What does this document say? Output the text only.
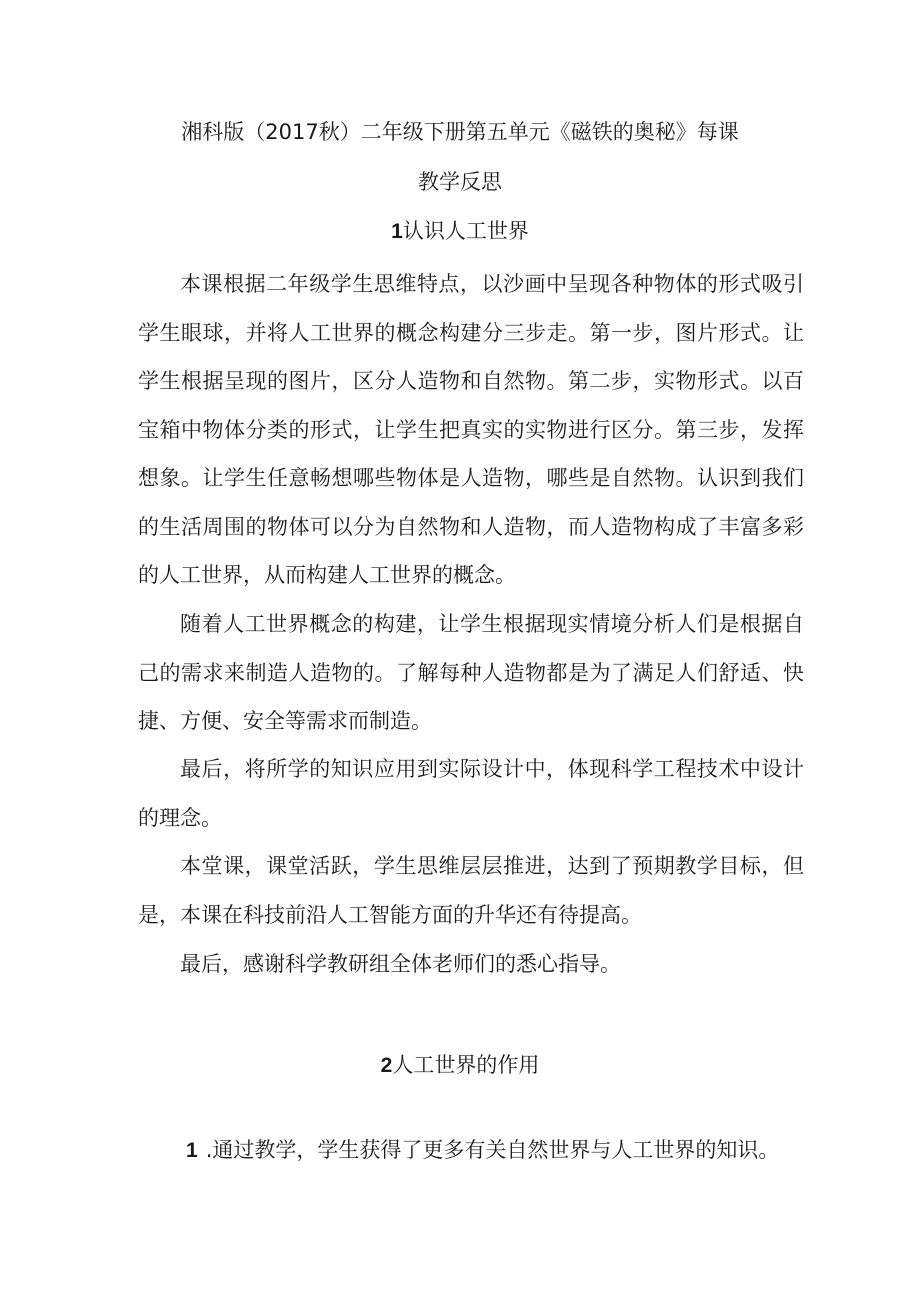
湘科版（2017秋）二年级下册第五单元《磁铁的奥秘》每课
教学反思
1认识人工世界

本课根据二年级学生思维特点，以沙画中呈现各种物体的形式吸引学生眼球，并将人工世界的概念构建分三步走。第一步，图片形式。让学生根据呈现的图片，区分人造物和自然物。第二步，实物形式。以百宝箱中物体分类的形式，让学生把真实的实物进行区分。第三步，发挥想象。让学生任意畅想哪些物体是人造物，哪些是自然物。认识到我们的生活周围的物体可以分为自然物和人造物，而人造物构成了丰富多彩的人工世界，从而构建人工世界的概念。

随着人工世界概念的构建，让学生根据现实情境分析人们是根据自己的需求来制造人造物的。了解每种人造物都是为了满足人们舒适、快捷、方便、安全等需求而制造。

最后，将所学的知识应用到实际设计中，体现科学工程技术中设计的理念。

本堂课，课堂活跃，学生思维层层推进，达到了预期教学目标，但是，本课在科技前沿人工智能方面的升华还有待提高。

最后，感谢科学教研组全体老师们的悉心指导。

2人工世界的作用

1 .通过教学，学生获得了更多有关自然世界与人工世界的知识。
